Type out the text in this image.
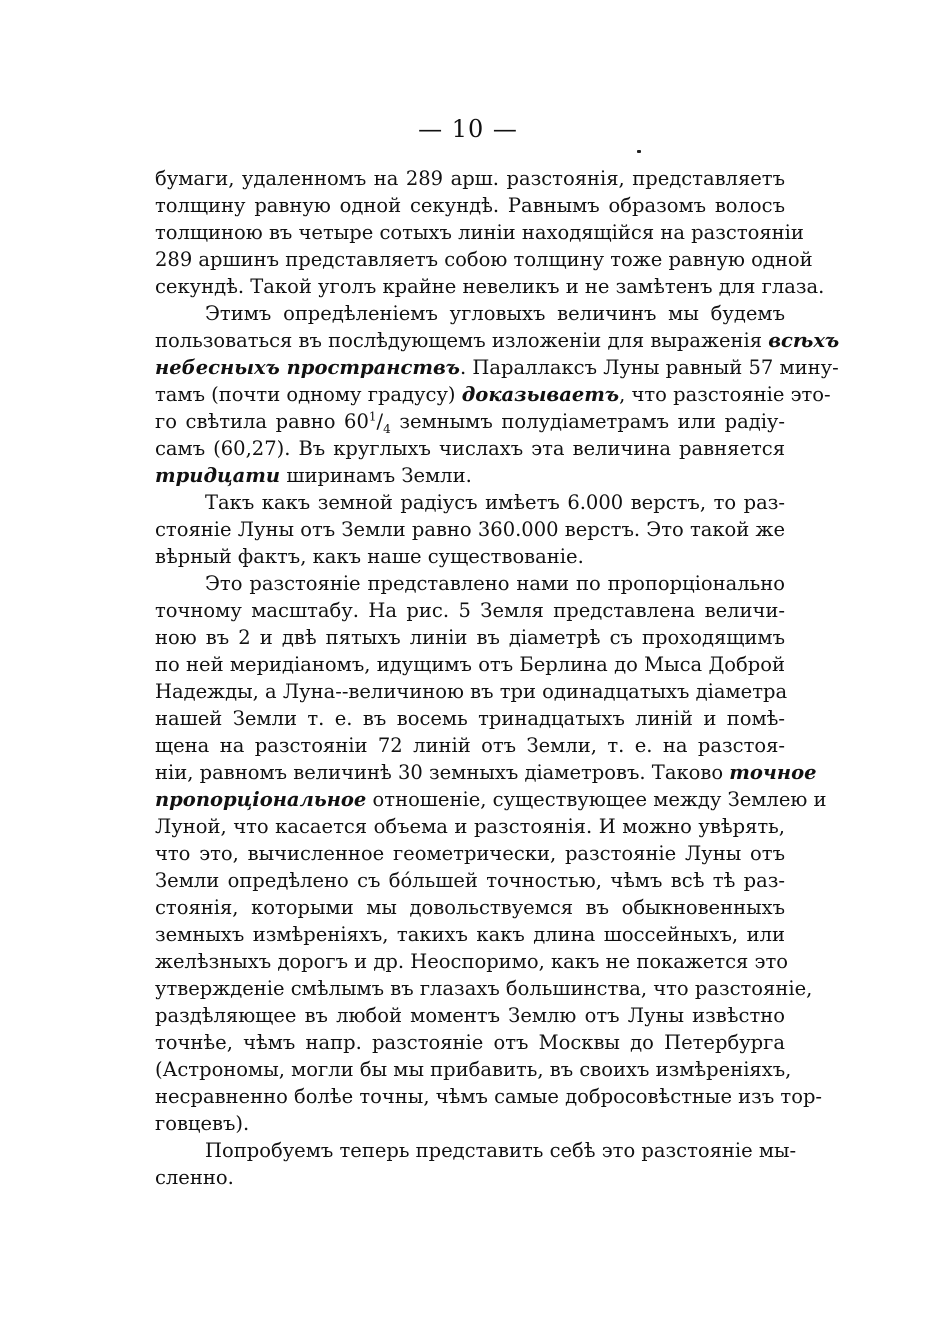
— 10 —
бумаги, удаленномъ на 289 арш. разстоянія, представляетъ
толщину равную одной секундѣ. Равнымъ образомъ волосъ
толщиною въ четыре сотыхъ линіи находящійся на разстояніи
289 аршинъ представляетъ собою толщину тоже равную одной
секундѣ. Такой уголъ крайне невеликъ и не замѣтенъ для глаза.
Этимъ опредѣленіемъ угловыхъ величинъ мы будемъ
пользоваться въ послѣдующемъ изложеніи для выраженія всѣхъ
небесныхъ пространствъ. Параллаксъ Луны равный 57 мину-
тамъ (почти одному градусу) доказываетъ, что разстояніе это-
го свѣтила равно $60^1/_4$ земнымъ полудіаметрамъ или радіу-
самъ (60,27). Въ круглыхъ числахъ эта величина равняется
тридцати ширинамъ Земли.
Такъ какъ земной радіусъ имѣетъ 6.000 верстъ, то раз-
стояніе Луны отъ Земли равно 360.000 верстъ. Это такой же
вѣрный фактъ, какъ наше существованіе.
Это разстояніе представлено нами по пропорціонально
точному масштабу. На рис. 5 Земля представлена величи-
ною въ 2 и двѣ пятыхъ линіи въ діаметрѣ съ проходящимъ
по ней меридіаномъ, идущимъ отъ Берлина до Мыса Доброй
Надежды, а Луна--величиною въ три одинадцатыхъ діаметра
нашей Земли т. е. въ восемь тринадцатыхъ линій и помѣ-
щена на разстояніи 72 линій отъ Земли, т. е. на разстоя-
ніи, равномъ величинѣ 30 земныхъ діаметровъ. Таково точное
пропорціональное отношеніе, существующее между Землею и
Луной, что касается объема и разстоянія. И можно увѣрять,
что это, вычисленное геометрически, разстояніе Луны отъ
Земли опредѣлено съ бо́льшей точностью, чѣмъ всѣ тѣ раз-
стоянія, которыми мы довольствуемся въ обыкновенныхъ
земныхъ измѣреніяхъ, такихъ какъ длина шоссейныхъ, или
желѣзныхъ дорогъ и др. Неоспоримо, какъ не покажется это
утвержденіе смѣлымъ въ глазахъ большинства, что разстояніе,
раздѣляющее въ любой моментъ Землю отъ Луны извѣстно
точнѣе, чѣмъ напр. разстояніе отъ Москвы до Петербурга
(Астрономы, могли бы мы прибавить, въ своихъ измѣреніяхъ,
несравненно болѣе точны, чѣмъ самые добросовѣстные изъ тор-
говцевъ).
Попробуемъ теперь представить себѣ это разстояніе мы-
сленно.
